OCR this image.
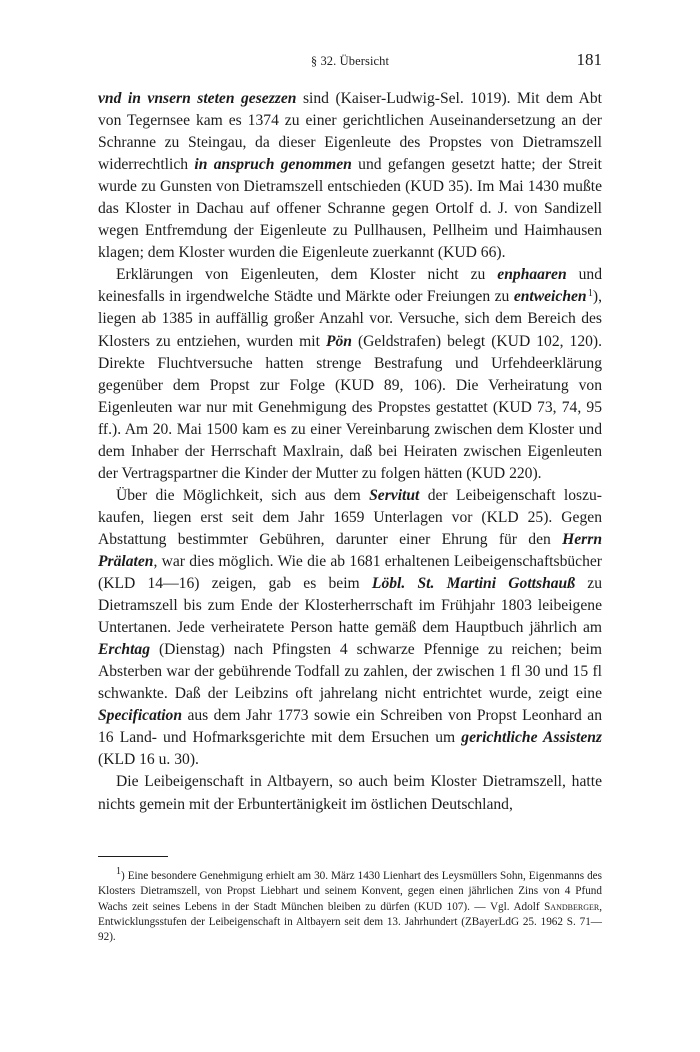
§ 32. Übersicht	181

vnd in vnsern steten gesezzen sind (Kaiser-Ludwig-Sel. 1019). Mit dem Abt von Tegernsee kam es 1374 zu einer gerichtlichen Auseinandersetzung an der Schranne zu Steingau, da dieser Eigenleute des Propstes von Dietramszell widerrechtlich in anspruch genommen und gefangen gesetzt hatte; der Streit wurde zu Gunsten von Dietramszell entschieden (KUD 35). Im Mai 1430 mußte das Kloster in Dachau auf offener Schranne gegen Ortolf d. J. von Sandizell wegen Entfremdung der Eigenleute zu Pullhausen, Pellheim und Haimhausen klagen; dem Kloster wurden die Eigenleute zuerkannt (KUD 66).

Erklärungen von Eigenleuten, dem Kloster nicht zu enphaaren und keinesfalls in irgendwelche Städte und Märkte oder Freiungen zu entweichen $^1$), liegen ab 1385 in auffällig großer Anzahl vor. Versuche, sich dem Bereich des Klosters zu entziehen, wurden mit Pön (Geldstrafen) belegt (KUD 102, 120). Direkte Fluchtversuche hatten strenge Bestrafung und Urfehdeerklärung gegenüber dem Propst zur Folge (KUD 89, 106). Die Verheiratung von Eigenleuten war nur mit Genehmigung des Propstes gestattet (KUD 73, 74, 95 ff.). Am 20. Mai 1500 kam es zu einer Vereinbarung zwischen dem Kloster und dem Inhaber der Herrschaft Maxlrain, daß bei Heiraten zwischen Eigenleuten der Vertragspartner die Kinder der Mutter zu folgen hätten (KUD 220).

Über die Möglichkeit, sich aus dem Servitut der Leibeigenschaft loszukaufen, liegen erst seit dem Jahr 1659 Unterlagen vor (KLD 25). Gegen Abstattung bestimmter Gebühren, darunter einer Ehrung für den Herrn Prälaten, war dies möglich. Wie die ab 1681 erhaltenen Leibeigenschaftsbücher (KLD 14—16) zeigen, gab es beim Löbl. St. Martini Gottshauß zu Dietramszell bis zum Ende der Klosterherrschaft im Frühjahr 1803 leibeigene Untertanen. Jede verheiratete Person hatte gemäß dem Hauptbuch jährlich am Erchtag (Dienstag) nach Pfingsten 4 schwarze Pfennige zu reichen; beim Absterben war der gebührende Todfall zu zahlen, der zwischen 1 fl 30 und 15 fl schwankte. Daß der Leibzins oft jahrelang nicht entrichtet wurde, zeigt eine Specification aus dem Jahr 1773 sowie ein Schreiben von Propst Leonhard an 16 Land- und Hofmarksgerichte mit dem Ersuchen um gerichtliche Assistenz (KLD 16 u. 30).

Die Leibeigenschaft in Altbayern, so auch beim Kloster Dietramszell, hatte nichts gemein mit der Erbuntertänigkeit im östlichen Deutschland,

$^1$) Eine besondere Genehmigung erhielt am 30. März 1430 Lienhart des Leysmüllers Sohn, Eigenmanns des Klosters Dietramszell, von Propst Liebhart und seinem Konvent, gegen einen jährlichen Zins von 4 Pfund Wachs zeit seines Lebens in der Stadt München bleiben zu dürfen (KUD 107). — Vgl. Adolf Sandberger, Entwicklungsstufen der Leibeigenschaft in Altbayern seit dem 13. Jahrhundert (ZBayerLdG 25. 1962 S. 71—92).
